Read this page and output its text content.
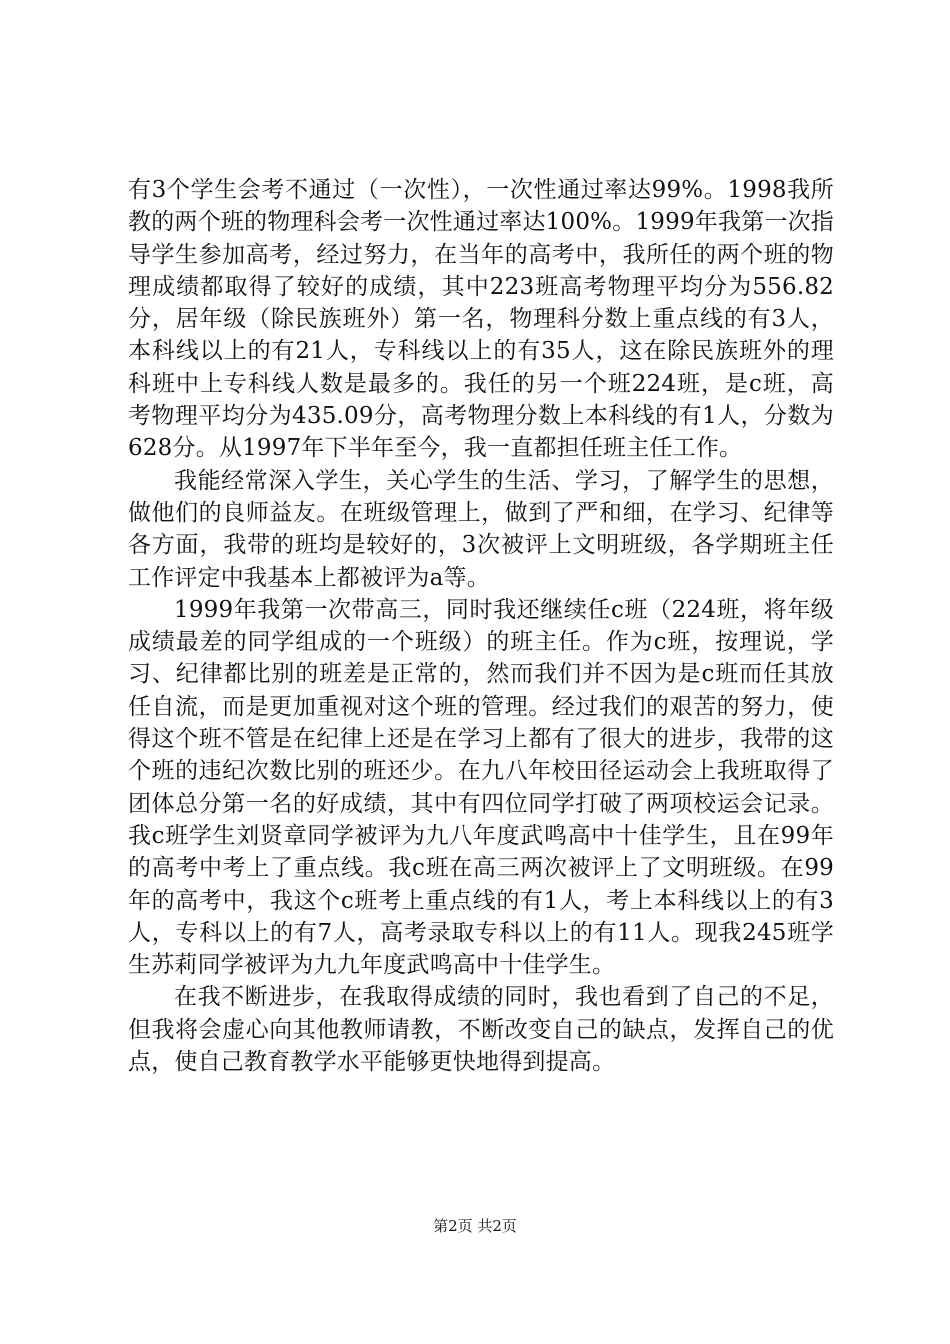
有3个学生会考不通过（一次性），一次性通过率达99%。1998我所教的两个班的物理科会考一次性通过率达100%。1999年我第一次指导学生参加高考，经过努力，在当年的高考中，我所任的两个班的物理成绩都取得了较好的成绩，其中223班高考物理平均分为556.82分，居年级（除民族班外）第一名，物理科分数上重点线的有3人，本科线以上的有21人，专科线以上的有35人，这在除民族班外的理科班中上专科线人数是最多的。我任的另一个班224班，是c班，高考物理平均分为435.09分，高考物理分数上本科线的有1人，分数为628分。从1997年下半年至今，我一直都担任班主任工作。

我能经常深入学生，关心学生的生活、学习，了解学生的思想，做他们的良师益友。在班级管理上，做到了严和细，在学习、纪律等各方面，我带的班均是较好的，3次被评上文明班级，各学期班主任工作评定中我基本上都被评为a等。

1999年我第一次带高三，同时我还继续任c班（224班，将年级成绩最差的同学组成的一个班级）的班主任。作为c班，按理说，学习、纪律都比别的班差是正常的，然而我们并不因为是c班而任其放任自流，而是更加重视对这个班的管理。经过我们的艰苦的努力，使得这个班不管是在纪律上还是在学习上都有了很大的进步，我带的这个班的违纪次数比别的班还少。在九八年校田径运动会上我班取得了团体总分第一名的好成绩，其中有四位同学打破了两项校运会记录。我c班学生刘贤章同学被评为九八年度武鸣高中十佳学生，且在99年的高考中考上了重点线。我c班在高三两次被评上了文明班级。在99年的高考中，我这个c班考上重点线的有1人，考上本科线以上的有3人，专科以上的有7人，高考录取专科以上的有11人。现我245班学生苏莉同学被评为九九年度武鸣高中十佳学生。

在我不断进步，在我取得成绩的同时，我也看到了自己的不足，但我将会虚心向其他教师请教，不断改变自己的缺点，发挥自己的优点，使自己教育教学水平能够更快地得到提高。

第2页 共2页
